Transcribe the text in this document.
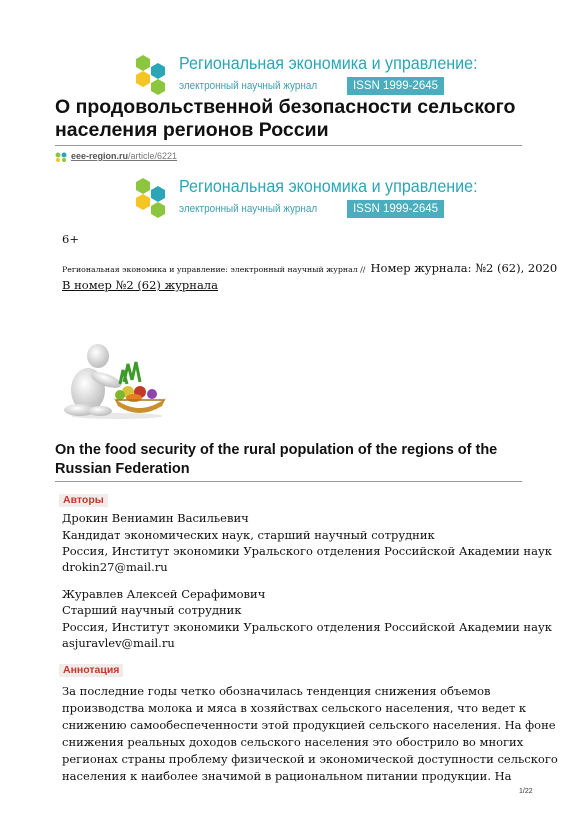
Региональная экономика и управление:
электронный научный журнал	ISSN 1999-2645
О продовольственной безопасности сельского населения регионов России
eee-region.ru/article/6221
Региональная экономика и управление:
электронный научный журнал	ISSN 1999-2645
6+
Региональная экономика и управление: электронный научный журнал // Номер журнала: №2 (62), 2020
В номер №2 (62) журнала
On the food security of the rural population of the regions of the Russian Federation
Авторы
Дрокин Вениамин Васильевич
Кандидат экономических наук, старший научный сотрудник
Россия, Институт экономики Уральского отделения Российской Академии наук
drokin27@mail.ru
Журавлев Алексей Серафимович
Старший научный сотрудник
Россия, Институт экономики Уральского отделения Российской Академии наук
asjuravlev@mail.ru
Аннотация
За последние годы четко обозначилась тенденция снижения объемов
производства молока и мяса в хозяйствах сельского населения, что ведет к
снижению самообеспеченности этой продукцией сельского населения. На фоне
снижения реальных доходов сельского населения это обострило во многих
регионах страны проблему физической и экономической доступности сельского
населения к наиболее значимой в рациональном питании продукции. На
1/22
